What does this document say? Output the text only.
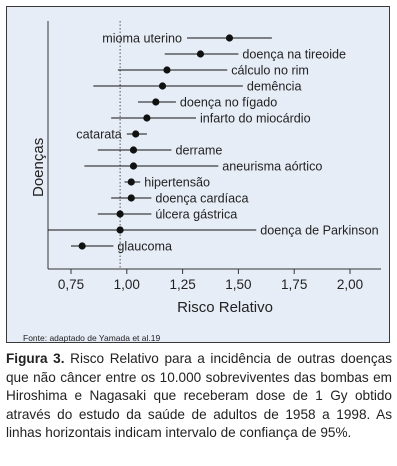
0,75 1,00 1,25 1,50 1,75 2,00
mioma uterino
doença na tireoide
cálculo no rim
demência
doença no fígado
infarto do miocárdio
catarata
derrame
aneurisma aórtico
hipertensão
doença cardíaca
úlcera gástrica
doença de Parkinson
glaucoma
Doenças
Risco Relativo
Fonte: adaptado de Yamada et al.19
Figura 3. Risco Relativo para a incidência de outras doenças que não câncer entre os 10.000 sobreviventes das bombas em Hiroshima e Nagasaki que receberam dose de 1 Gy obtido através do estudo da saúde de adultos de 1958 a 1998. As linhas horizontais indicam intervalo de confiança de 95%.
